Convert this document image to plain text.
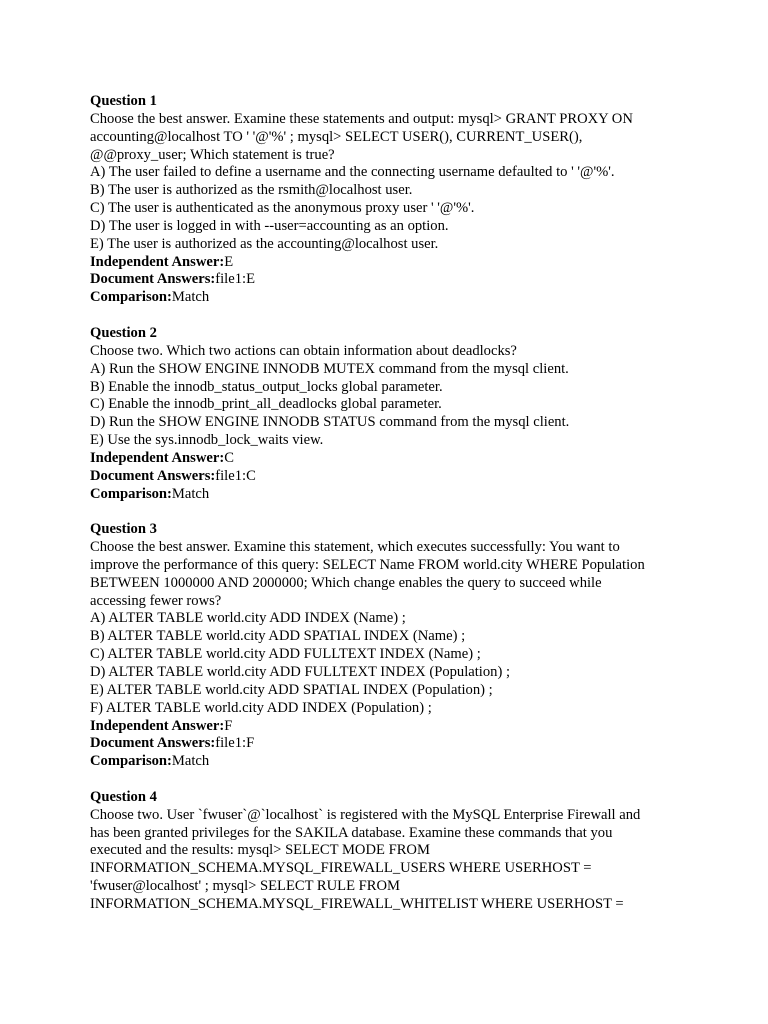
Question 1
Choose the best answer. Examine these statements and output: mysql> GRANT PROXY ON
accounting@localhost TO ' '@'%' ; mysql> SELECT USER(), CURRENT_USER(),
@@proxy_user; Which statement is true?
A) The user failed to define a username and the connecting username defaulted to ' '@'%'.
B) The user is authorized as the rsmith@localhost user.
C) The user is authenticated as the anonymous proxy user ' '@'%'.
D) The user is logged in with --user=accounting as an option.
E) The user is authorized as the accounting@localhost user.
Independent Answer:E
Document Answers:file1:E
Comparison:Match
Question 2
Choose two. Which two actions can obtain information about deadlocks?
A) Run the SHOW ENGINE INNODB MUTEX command from the mysql client.
B) Enable the innodb_status_output_locks global parameter.
C) Enable the innodb_print_all_deadlocks global parameter.
D) Run the SHOW ENGINE INNODB STATUS command from the mysql client.
E) Use the sys.innodb_lock_waits view.
Independent Answer:C
Document Answers:file1:C
Comparison:Match
Question 3
Choose the best answer. Examine this statement, which executes successfully: You want to
improve the performance of this query: SELECT Name FROM world.city WHERE Population
BETWEEN 1000000 AND 2000000; Which change enables the query to succeed while
accessing fewer rows?
A) ALTER TABLE world.city ADD INDEX (Name) ;
B) ALTER TABLE world.city ADD SPATIAL INDEX (Name) ;
C) ALTER TABLE world.city ADD FULLTEXT INDEX (Name) ;
D) ALTER TABLE world.city ADD FULLTEXT INDEX (Population) ;
E) ALTER TABLE world.city ADD SPATIAL INDEX (Population) ;
F) ALTER TABLE world.city ADD INDEX (Population) ;
Independent Answer:F
Document Answers:file1:F
Comparison:Match
Question 4
Choose two. User `fwuser`@`localhost` is registered with the MySQL Enterprise Firewall and
has been granted privileges for the SAKILA database. Examine these commands that you
executed and the results: mysql> SELECT MODE FROM
INFORMATION_SCHEMA.MYSQL_FIREWALL_USERS WHERE USERHOST =
'fwuser@localhost' ; mysql> SELECT RULE FROM
INFORMATION_SCHEMA.MYSQL_FIREWALL_WHITELIST WHERE USERHOST =
